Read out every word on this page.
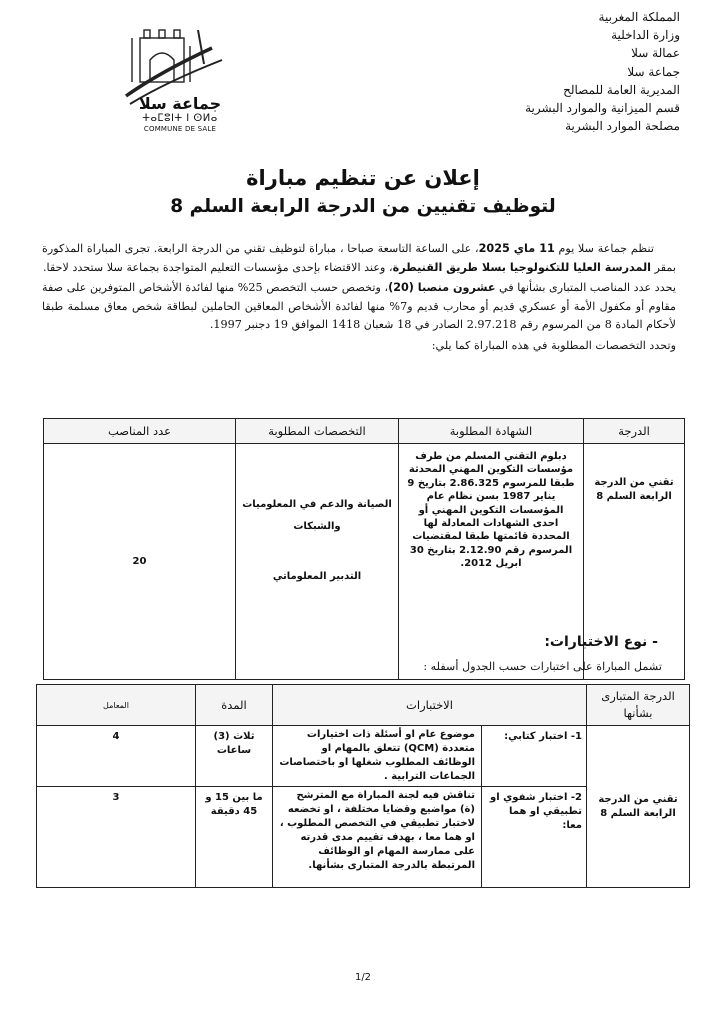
المملكة المغربية
وزارة الداخلية
عمالة سلا
جماعة سلا
المديرية العامة للمصالح
قسم الميزانية والموارد البشرية
مصلحة الموارد البشرية
جماعة سلا
ⵜⴰⵎⵓⵏⵜ ⵏ ⵙⵍⴰ
COMMUNE DE SALE
إعلان عن تنظيم مباراة
لتوظيف تقنيين من الدرجة الرابعة السلم 8

تنظم جماعة سلا يوم 11 ماي 2025، على الساعة التاسعة صباحا ، مباراة لتوظيف تقني من الدرجة الرابعة. تجرى المباراة المذكورة بمقر المدرسة العليا للتكنولوجيا بسلا طريق القنيطرة، وعند الاقتضاء بإحدى مؤسسات التعليم المتواجدة بجماعة سلا ستحدد لاحقا.

يحدد عدد المناصب المتبارى بشأنها في عشرون منصبا (20)، وتخصص حسب التخصص 25% منها لفائدة الأشخاص المتوفرين على صفة مقاوم أو مكفول الأمة أو عسكري قديم أو محارب قديم و7% منها لفائدة الأشخاص المعاقين الحاملين لبطاقة شخص معاق مسلمة طبقا لأحكام المادة 8 من المرسوم رقم 2.97.218 الصادر في 18 شعبان 1418 الموافق 19 دجنبر 1997.

وتحدد التخصصات المطلوبة في هذه المباراة كما يلي:

الدرجة	الشهادة المطلوبة	التخصصات المطلوبة	عدد المناصب
تقني من الدرجة الرابعة السلم 8	دبلوم التقني المسلم من طرف مؤسسات التكوين المهني المحدثة طبقا للمرسوم 2.86.325 بتاريخ 9 يناير 1987 بسن نظام عام المؤسسات التكوين المهني أو احدى الشهادات المعادلة لها المحددة قائمتها طبقا لمقتضيات المرسوم رقم 2.12.90 بتاريخ 30 ابريل 2012.	الصيانة والدعم في المعلوميات والشبكات
التدبير المعلوماتي	20
- نوع الاختبارات:
تشمل المباراة على اختبارات حسب الجدول أسفله :
الدرجة المتبارى بشأنها	الاختبارات		المدة	المعامل
تقني من الدرجة الرابعة السلم 8	1- اختبار كتابي:	موضوع عام او أسئلة ذات اختيارات متعددة (QCM) تتعلق بالمهام او الوظائف المطلوب شغلها او باختصاصات الجماعات الترابية .	ثلاث (3) ساعات	4
	2- اختبار شفوي او تطبيقي او هما معا:	تناقش فيه لجنة المباراة مع المترشح (ة) مواضيع وقضايا مختلفة ، او تخضعه لاختبار تطبيقي في التخصص المطلوب ، او هما معا ، بهدف تقييم مدى قدرته على ممارسة المهام او الوظائف المرتبطة بالدرجة المتبارى بشأنها.	ما بين 15 و 45 دقيقة	3
1/2
